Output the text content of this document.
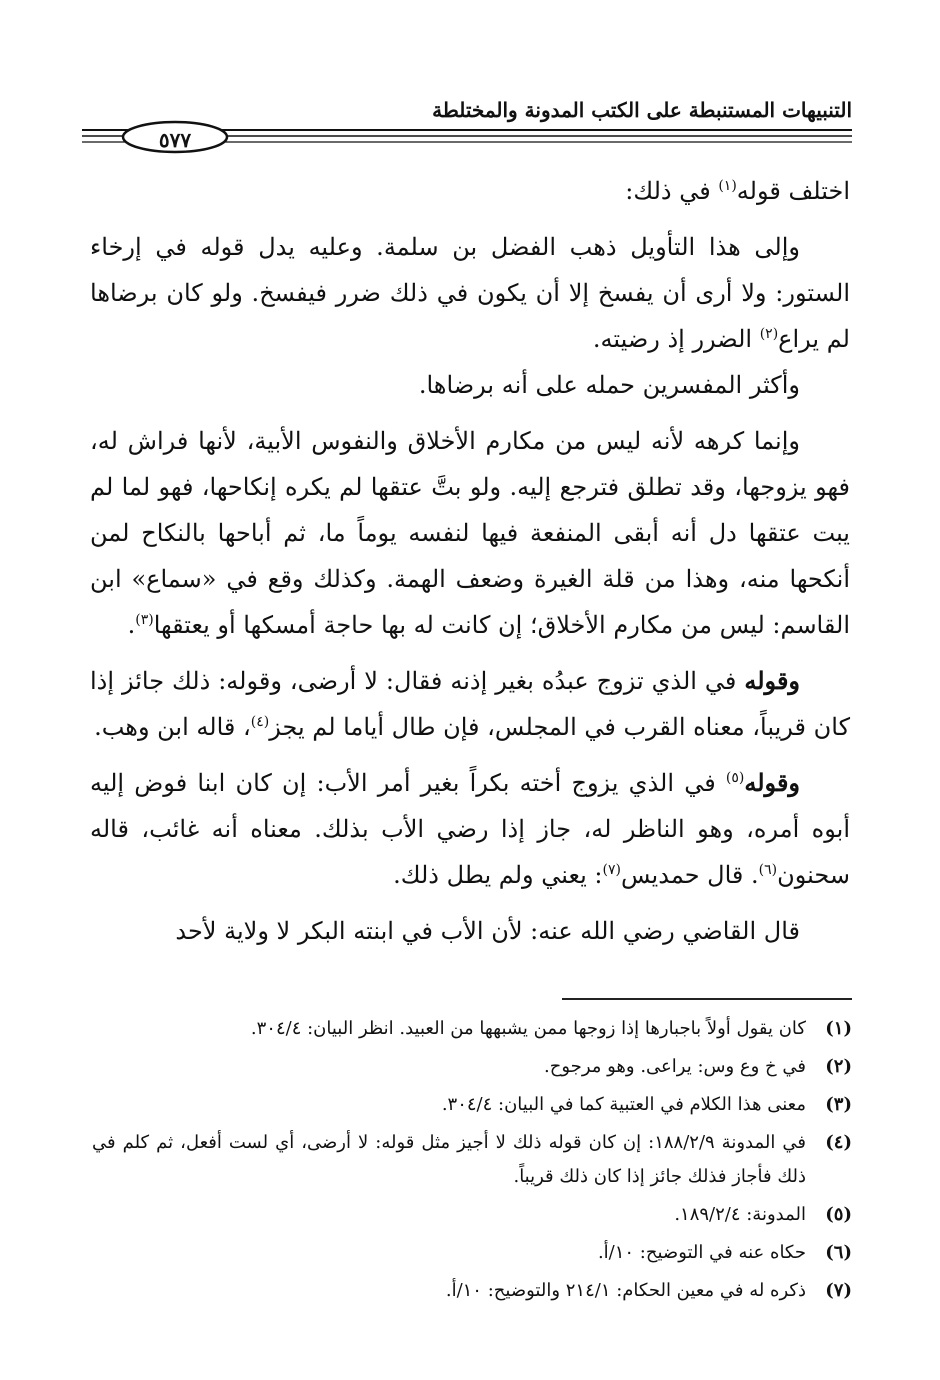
التنبيهات المستنبطة على الكتب المدونة والمختلطة
٥٧٧

اختلف قوله$^{(١)}$ في ذلك:

وإلى هذا التأويل ذهب الفضل بن سلمة. وعليه يدل قوله في إرخاء الستور: ولا أرى أن يفسخ إلا أن يكون في ذلك ضرر فيفسخ. ولو كان برضاها لم يراع$^{(٢)}$ الضرر إذ رضيته.

وأكثر المفسرين حمله على أنه برضاها.

وإنما كرهه لأنه ليس من مكارم الأخلاق والنفوس الأبية، لأنها فراش له، فهو يزوجها، وقد تطلق فترجع إليه. ولو بتَّ عتقها لم يكره إنكاحها، فهو لما لم يبت عتقها دل أنه أبقى المنفعة فيها لنفسه يوماً ما، ثم أباحها بالنكاح لمن أنكحها منه، وهذا من قلة الغيرة وضعف الهمة. وكذلك وقع في «سماع» ابن القاسم: ليس من مكارم الأخلاق؛ إن كانت له بها حاجة أمسكها أو يعتقها$^{(٣)}$.

وقوله في الذي تزوج عبدُه بغير إذنه فقال: لا أرضى، وقوله: ذلك جائز إذا كان قريباً، معناه القرب في المجلس، فإن طال أياما لم يجز$^{(٤)}$، قاله ابن وهب.

وقوله$^{(٥)}$ في الذي يزوج أخته بكراً بغير أمر الأب: إن كان ابنا فوض إليه أبوه أمره، وهو الناظر له، جاز إذا رضي الأب بذلك. معناه أنه غائب، قاله سحنون$^{(٦)}$. قال حمديس$^{(٧)}$: يعني ولم يطل ذلك.

قال القاضي رضي الله عنه: لأن الأب في ابنته البكر لا ولاية لأحد

(١)
كان يقول أولاً باجبارها إذا زوجها ممن يشبهها من العبيد. انظر البيان: ٣٠٤/٤.
(٢)
في خ وع وس: يراعى. وهو مرجوح.
(٣)
معنى هذا الكلام في العتبية كما في البيان: ٣٠٤/٤.
(٤)
في المدونة ١٨٨/٢/٩: إن كان قوله ذلك لا أجيز مثل قوله: لا أرضى، أي لست أفعل، ثم كلم في ذلك فأجاز فذلك جائز إذا كان ذلك قريباً.
(٥)
المدونة: ١٨٩/٢/٤.
(٦)
حكاه عنه في التوضيح: ١٠/أ.
(٧)
ذكره له في معين الحكام: ٢١٤/١ والتوضيح: ١٠/أ.
